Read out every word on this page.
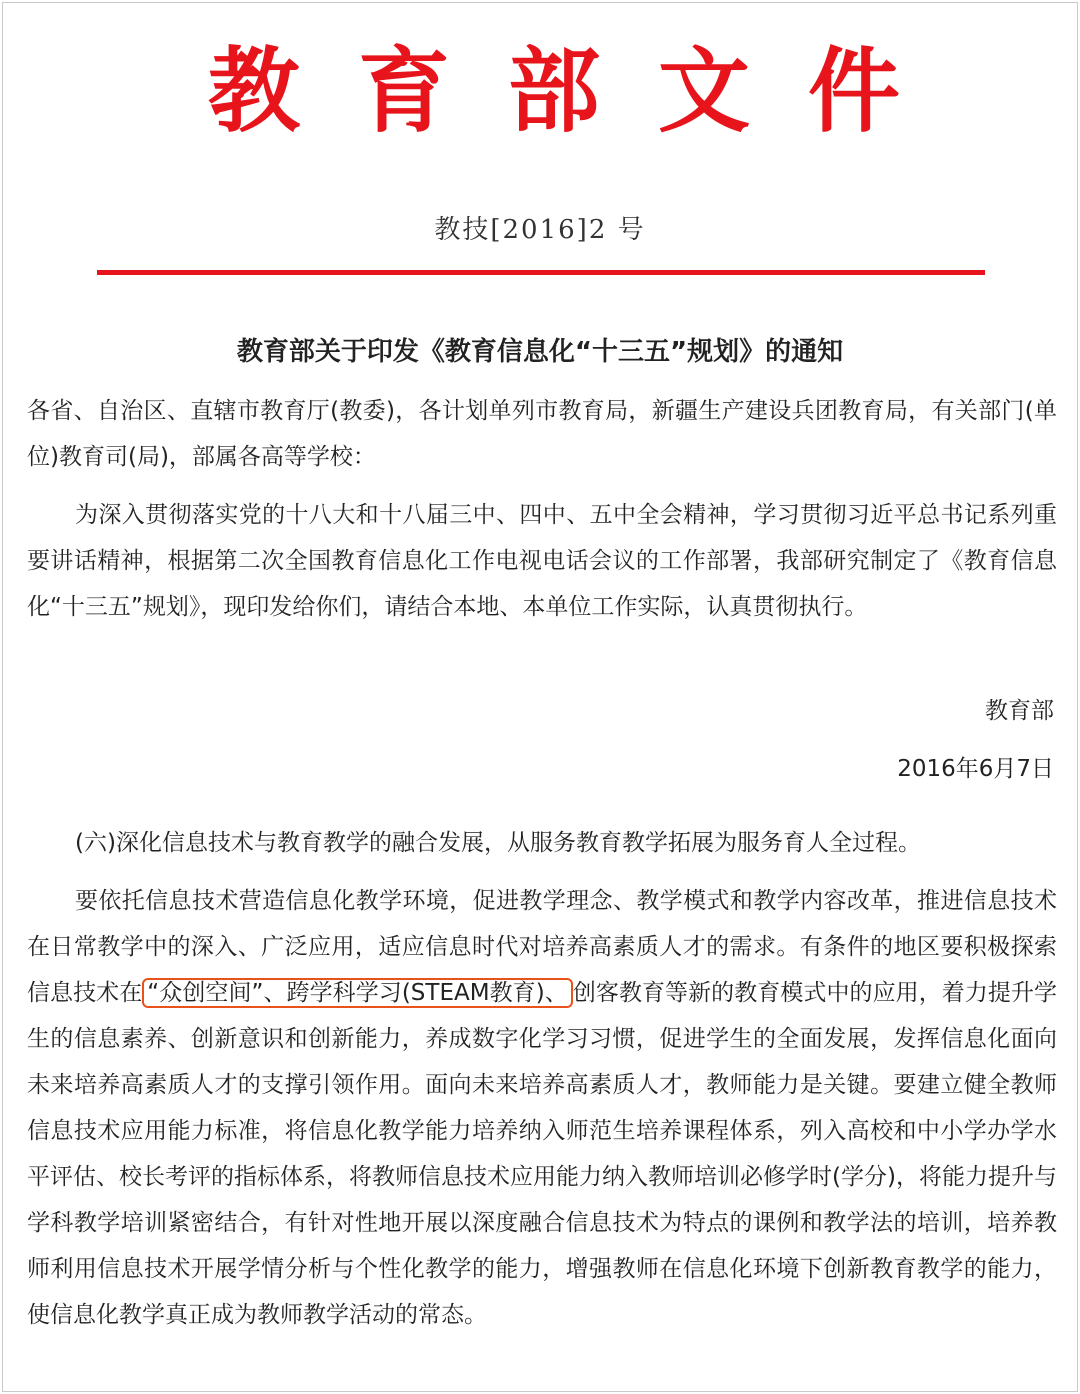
教 育 部 文 件
教技[2016]2 号
教育部关于印发《教育信息化“十三五”规划》的通知

各省、自治区、直辖市教育厅(教委)，各计划单列市教育局，新疆生产建设兵团教育局，有关部门(单位)教育司(局)，部属各高等学校：

为深入贯彻落实党的十八大和十八届三中、四中、五中全会精神，学习贯彻习近平总书记系列重要讲话精神，根据第二次全国教育信息化工作电视电话会议的工作部署，我部研究制定了《教育信息化“十三五”规划》，现印发给你们，请结合本地、本单位工作实际，认真贯彻执行。

教育部
2016年6月7日

(六)深化信息技术与教育教学的融合发展，从服务教育教学拓展为服务育人全过程。

要依托信息技术营造信息化教学环境，促进教学理念、教学模式和教学内容改革，推进信息技术在日常教学中的深入、广泛应用，适应信息时代对培养高素质人才的需求。有条件的地区要积极探索信息技术在 “众创空间”、跨学科学习(STEAM教育)、 创客教育等新的教育模式中的应用，着力提升学生的信息素养、创新意识和创新能力，养成数字化学习习惯，促进学生的全面发展，发挥信息化面向未来培养高素质人才的支撑引领作用。面向未来培养高素质人才，教师能力是关键。要建立健全教师信息技术应用能力标准，将信息化教学能力培养纳入师范生培养课程体系，列入高校和中小学办学水平评估、校长考评的指标体系，将教师信息技术应用能力纳入教师培训必修学时(学分)，将能力提升与学科教学培训紧密结合，有针对性地开展以深度融合信息技术为特点的课例和教学法的培训，培养教师利用信息技术开展学情分析与个性化教学的能力，增强教师在信息化环境下创新教育教学的能力，使信息化教学真正成为教师教学活动的常态。
